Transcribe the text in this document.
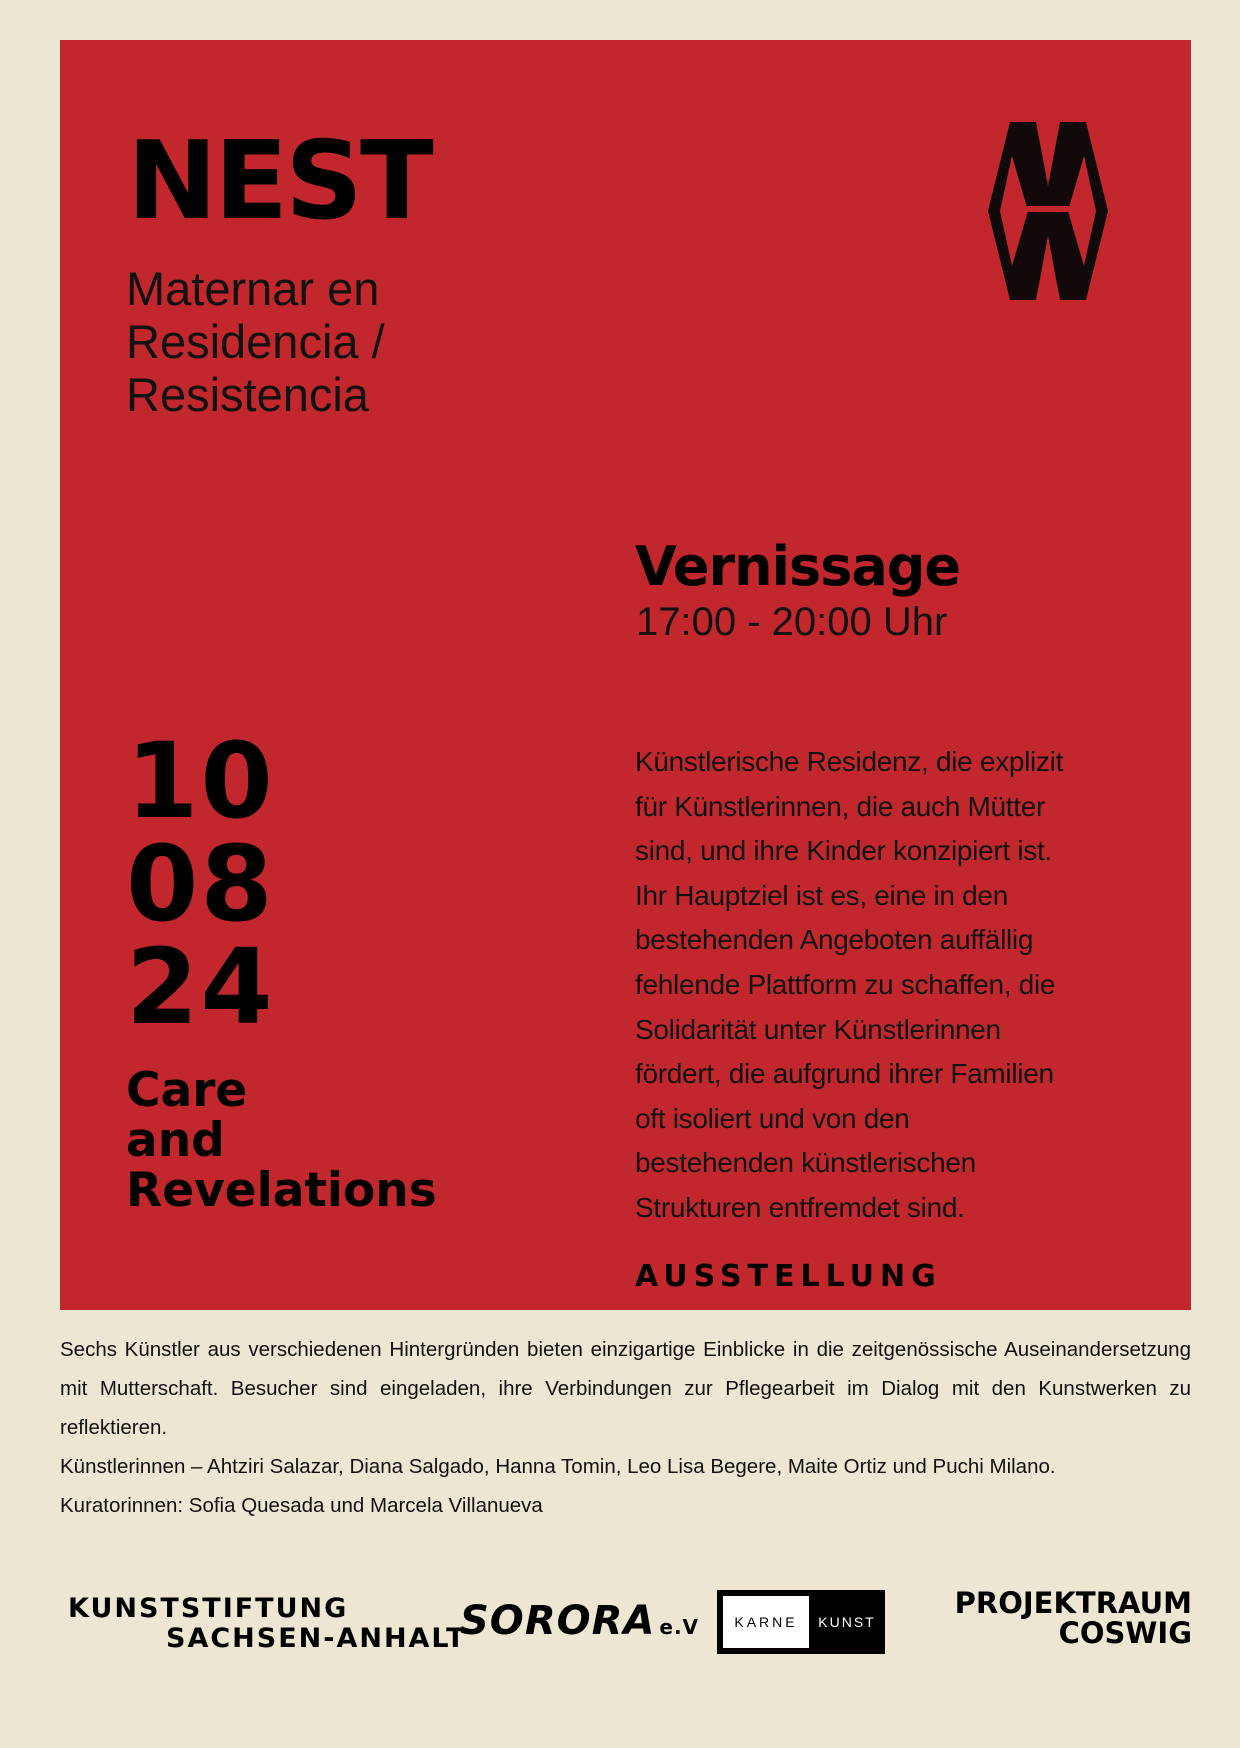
NEST
Maternar en
Residencia /
Resistencia
10
08
24
Care
and
Revelations
Vernissage
17:00 - 20:00 Uhr
Künstlerische Residenz, die explizit
für Künstlerinnen, die auch Mütter
sind, und ihre Kinder konzipiert ist.
Ihr Hauptziel ist es, eine in den
bestehenden Angeboten auffällig
fehlende Plattform zu schaffen, die
Solidarität unter Künstlerinnen
fördert, die aufgrund ihrer Familien
oft isoliert und von den
bestehenden künstlerischen
Strukturen entfremdet sind.
AUSSTELLUNG
Sechs Künstler aus verschiedenen Hintergründen bieten einzigartige Einblicke in die zeitgenössische Auseinandersetzung mit Mutterschaft. Besucher sind eingeladen, ihre Verbindungen zur Pflegearbeit im Dialog mit den Kunstwerken zu reflektieren.
Künstlerinnen – Ahtziri Salazar, Diana Salgado, Hanna Tomin, Leo Lisa Begere, Maite Ortiz und Puchi Milano.
Kuratorinnen: Sofia Quesada und Marcela Villanueva
KUNSTSTIFTUNG
SACHSEN-ANHALT
SORORA e.V	KARNE	KUNST
PROJEKTRAUM
COSWIG
